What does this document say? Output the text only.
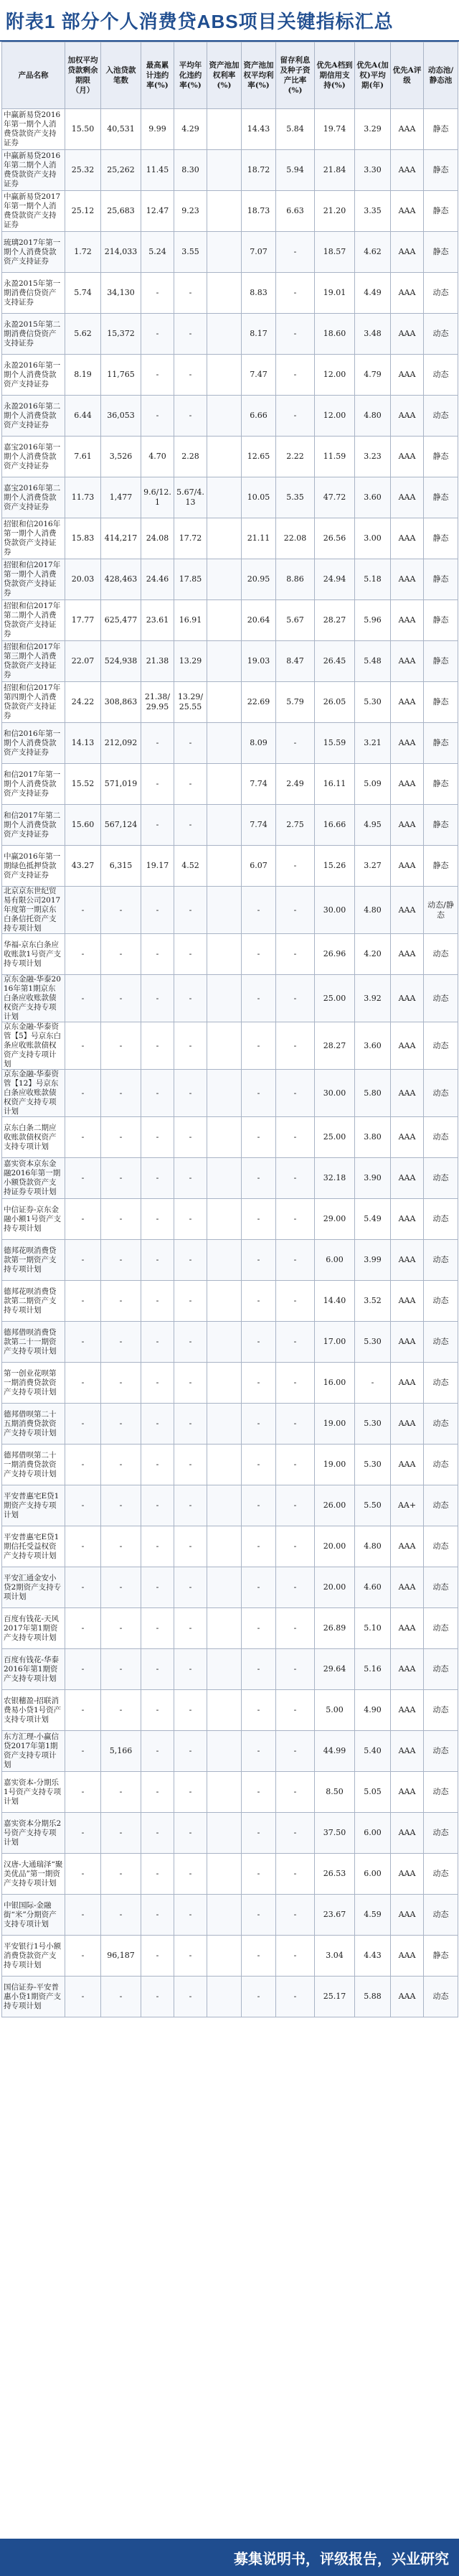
附表1 部分个人消费贷ABS项目关键指标汇总
产品名称	加权平均贷款剩余期限（月）	入池贷款笔数	最高累计违约率(%)	平均年化违约率(%)	资产池加权利率(%)	资产池加权平均利率(%)	留存利息及种子资产比率(%)	优先A档到期信用支持(%)	优先A(加权)平均期(年)	优先A评级	动态池/静态池
中赢新易贷2016年第一期个人消费贷款资产支持证券	15.50	40,531	9.99	4.29		14.43	5.84	19.74	3.29	AAA	静态
中赢新易贷2016年第二期个人消费贷款资产支持证券	25.32	25,262	11.45	8.30		18.72	5.94	21.84	3.30	AAA	静态
中赢新易贷2017年第一期个人消费贷款资产支持证券	25.12	25,683	12.47	9.23		18.73	6.63	21.20	3.35	AAA	静态
琉璃2017年第一期个人消费贷款资产支持证券	1.72	214,033	5.24	3.55		7.07	-	18.57	4.62	AAA	静态
永盈2015年第一期消费信贷资产支持证券	5.74	34,130	-	-		8.83	-	19.01	4.49	AAA	动态
永盈2015年第二期消费信贷资产支持证券	5.62	15,372	-	-		8.17	-	18.60	3.48	AAA	动态
永盈2016年第一期个人消费贷款资产支持证券	8.19	11,765	-	-		7.47	-	12.00	4.79	AAA	动态
永盈2016年第二期个人消费贷款资产支持证券	6.44	36,053	-	-		6.66	-	12.00	4.80	AAA	动态
嘉宝2016年第一期个人消费贷款资产支持证券	7.61	3,526	4.70	2.28		12.65	2.22	11.59	3.23	AAA	静态
嘉宝2016年第二期个人消费贷款资产支持证券	11.73	1,477	9.6/12.1	5.67/4.13		10.05	5.35	47.72	3.60	AAA	静态
招银和信2016年第一期个人消费贷款资产支持证券	15.83	414,217	24.08	17.72		21.11	22.08	26.56	3.00	AAA	静态
招银和信2017年第一期个人消费贷款资产支持证券	20.03	428,463	24.46	17.85		20.95	8.86	24.94	5.18	AAA	静态
招银和信2017年第二期个人消费贷款资产支持证券	17.77	625,477	23.61	16.91		20.64	5.67	28.27	5.96	AAA	静态
招银和信2017年第三期个人消费贷款资产支持证券	22.07	524,938	21.38	13.29		19.03	8.47	26.45	5.48	AAA	静态
招银和信2017年第四期个人消费贷款资产支持证券	24.22	308,863	21.38/29.95	13.29/25.55		22.69	5.79	26.05	5.30	AAA	静态
和信2016年第一期个人消费贷款资产支持证券	14.13	212,092	-	-		8.09	-	15.59	3.21	AAA	静态
和信2017年第一期个人消费贷款资产支持证券	15.52	571,019	-	-		7.74	2.49	16.11	5.09	AAA	静态
和信2017年第二期个人消费贷款资产支持证券	15.60	567,124	-	-		7.74	2.75	16.66	4.95	AAA	静态
中赢2016年第一期绿色抵押贷款资产支持证券	43.27	6,315	19.17	4.52		6.07	-	15.26	3.27	AAA	静态
北京京东世纪贸易有限公司2017年度第一期京东白条信托资产支持专项计划	-	-	-	-		-	-	30.00	4.80	AAA	动态/静态
华福-京东白条应收账款1号资产支持专项计划	-	-	-	-		-	-	26.96	4.20	AAA	动态
京东金融-华泰2016年第1期京东白条应收账款债权资产支持专项计划	-	-	-	-		-	-	25.00	3.92	AAA	动态
京东金融-华泰资管【5】号京东白条应收账款债权资产支持专项计划	-	-	-	-		-	-	28.27	3.60	AAA	动态
京东金融-华泰资管【12】号京东白条应收账款债权资产支持专项计划	-	-	-	-		-	-	30.00	5.80	AAA	动态
京东白条二期应收账款债权资产支持专项计划	-	-	-	-		-	-	25.00	3.80	AAA	动态
嘉实资本京东金融2016年第一期小额贷款资产支持证券专项计划	-	-	-	-		-	-	32.18	3.90	AAA	动态
中信证券-京东金融小额1号资产支持专项计划	-	-	-	-		-	-	29.00	5.49	AAA	动态
德邦花呗消费贷款第一期资产支持专项计划	-	-	-	-		-	-	6.00	3.99	AAA	动态
德邦花呗消费贷款第二期资产支持专项计划	-	-	-	-		-	-	14.40	3.52	AAA	动态
德邦借呗消费贷款第二十一期资产支持专项计划	-	-	-	-		-	-	17.00	5.30	AAA	动态
第一创业花呗第一期消费贷款资产支持专项计划	-	-	-	-		-	-	16.00	-	AAA	动态
德邦借呗第二十五期消费贷款资产支持专项计划	-	-	-	-		-	-	19.00	5.30	AAA	动态
德邦借呗第二十一期消费贷款资产支持专项计划	-	-	-	-		-	-	19.00	5.30	AAA	动态
平安普惠宅E贷1期资产支持专项计划	-	-	-	-		-	-	26.00	5.50	AA+	动态
平安普惠宅E贷1期信托受益权资产支持专项计划	-	-	-	-		-	-	20.00	4.80	AAA	动态
平安汇通金安小贷2期资产支持专项计划	-	-	-	-		-	-	20.00	4.60	AAA	动态
百度有钱花-天风2017年第1期资产支持专项计划	-	-	-	-		-	-	26.89	5.10	AAA	动态
百度有钱花-华泰2016年第1期资产支持专项计划	-	-	-	-		-	-	29.64	5.16	AAA	动态
农银穗盈-招联消费易小贷1号资产支持专项计划	-	-	-	-		-	-	5.00	4.90	AAA	动态
东方汇理-小赢信贷2017年第1期资产支持专项计划	-	5,166	-	-		-	-	44.99	5.40	AAA	动态
嘉实资本-分期乐1号资产支持专项计划	-	-	-	-		-	-	8.50	5.05	AAA	动态
嘉实资本分期乐2号资产支持专项计划	-	-	-	-		-	-	37.50	6.00	AAA	动态
汉唐-大通瑞泽“聚美优品”第一期资产支持专项计划	-	-	-	-		-	-	26.53	6.00	AAA	动态
中银国际-金融街“米”分期资产支持专项计划	-	-	-	-		-	-	23.67	4.59	AAA	动态
平安银行1号小额消费贷款资产支持专项计划	-	96,187	-	-		-	-	3.04	4.43	AAA	静态
国信证券-平安普惠小贷1期资产支持专项计划	-	-	-	-		-	-	25.17	5.88	AAA	动态
募集说明书，评级报告，兴业研究
